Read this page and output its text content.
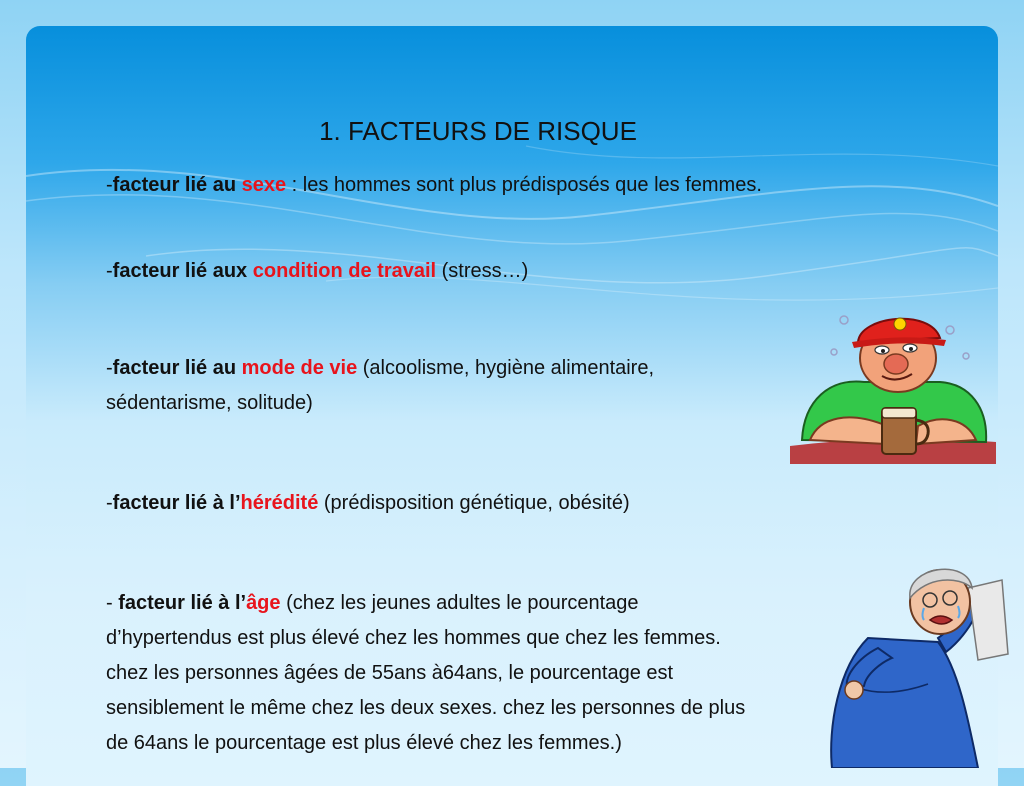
1. FACTEURS DE RISQUE
-facteur lié au sexe : les hommes sont plus prédisposés que les femmes.
-facteur lié aux condition de travail (stress…)
-facteur lié au mode de vie (alcoolisme, hygiène alimentaire, sédentarisme, solitude)
-facteur lié à l’hérédité (prédisposition génétique, obésité)
- facteur lié à l’âge (chez les jeunes adultes le pourcentage
d’hypertendus est plus élevé chez les hommes que chez les femmes.
chez les personnes âgées de 55ans à64ans, le pourcentage est
sensiblement le même chez les deux sexes. chez les personnes de plus
de 64ans le pourcentage est plus élevé chez les femmes.)
